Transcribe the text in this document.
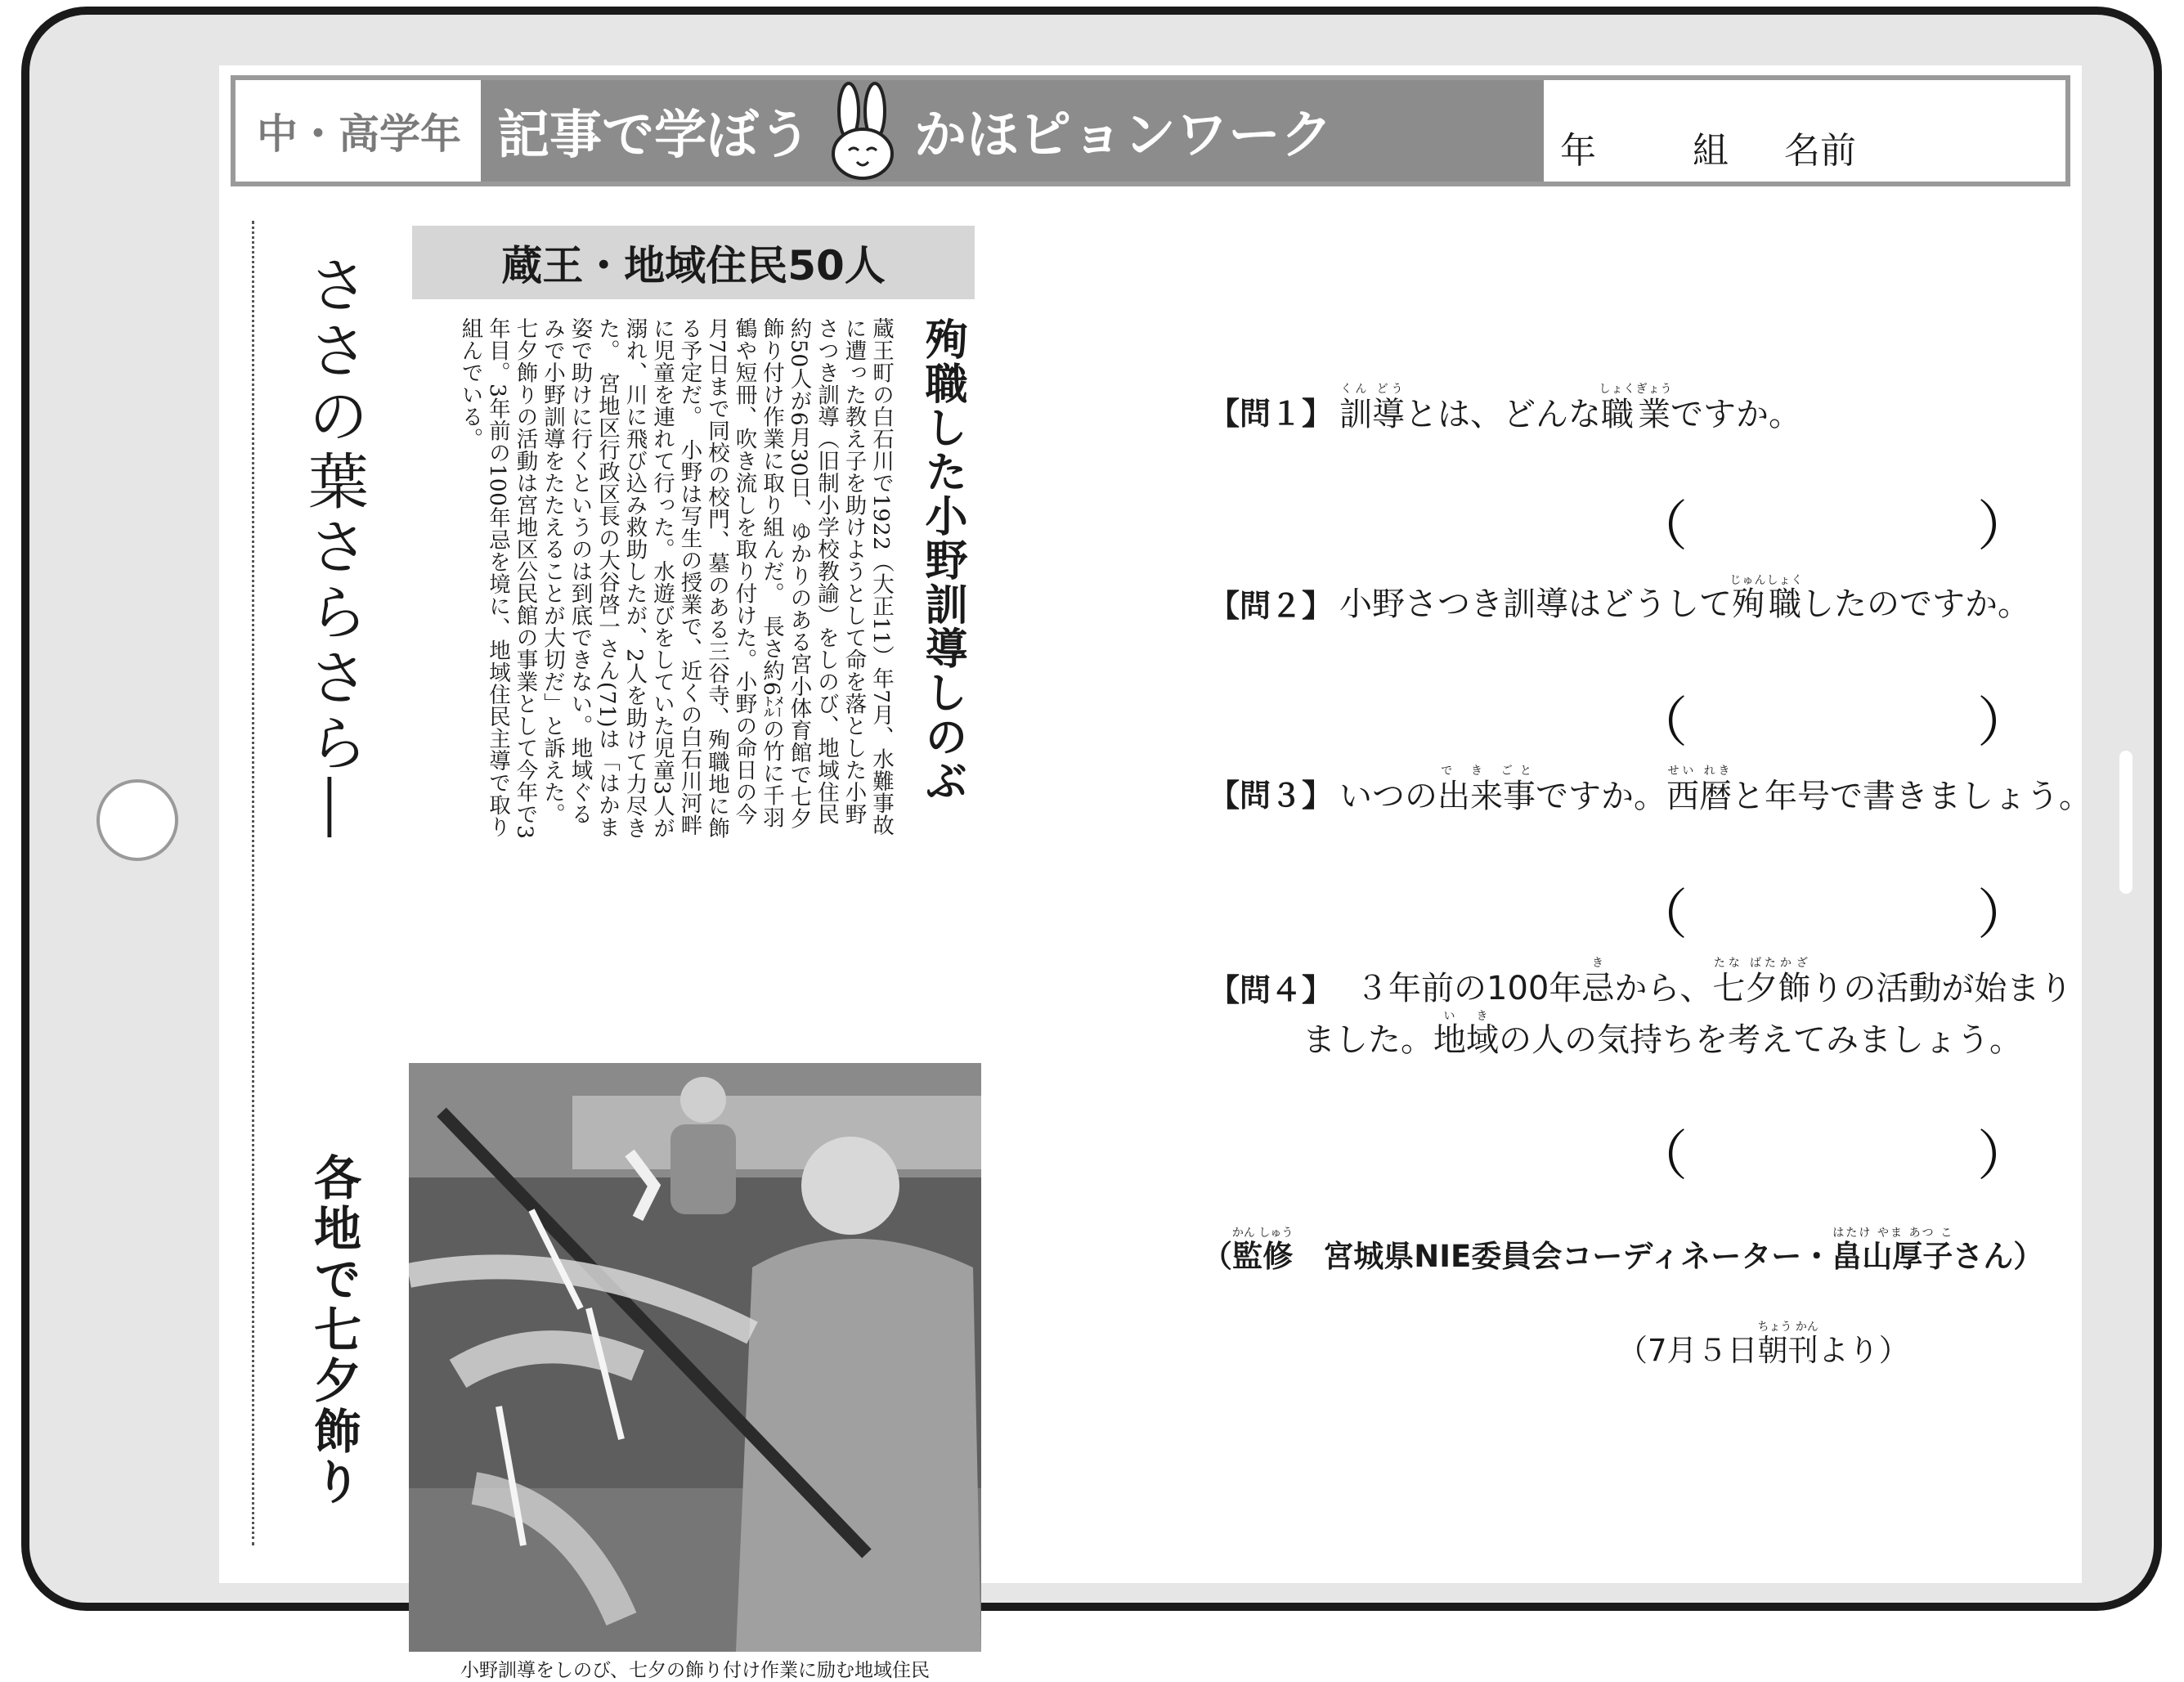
中・高学年 記事で学ぼう かほピョンワーク	年	組 名前
ささの葉さらさら―
各地で七夕飾り
蔵王・地域住民50人
殉職した小野訓導しのぶ
蔵王町の白石川で1922（大正11）年7月、水難事故に遭った教え子を助けようとして命を落とした小野さつき訓導（旧制小学校教諭）をしのび、地域住民約50人が6月30日、ゆかりのある宮小体育館で七夕飾り付け作業に取り組んだ。　長さ約6㍍の竹に千羽鶴や短冊、吹き流しを取り付けた。小野の命日の今月7日まで同校の校門、墓のある三谷寺、殉職地に飾る予定だ。　小野は写生の授業で、近くの白石川河畔に児童を連れて行った。水遊びをしていた児童3人が溺れ、川に飛び込み救助したが、2人を助けて力尽きた。　宮地区行政区長の大谷啓一さん(71)は「はかま姿で助けに行くというのは到底できない。地域ぐるみで小野訓導をたたえることが大切だ」と訴えた。　七夕飾りの活動は宮地区公民館の事業として今年で3年目。3年前の100年忌を境に、地域住民主導で取り組んでいる。
小野訓導をしのび、七夕の飾り付け作業に励む地域住民
【問１】 訓導くん どうとは、どんな職業しょくぎょうですか。
（	）
【問２】 小野さつき訓導はどうして殉職じゅんしょくしたのですか。
（	）
【問３】 いつの出来事で き ごとですか。西暦せい れきと年号で書きましょう。
（	）
【問４】 ３年前の100年忌きから、七夕たな ばた飾かざりの活動が始まり
ました。地域いきの人の気持ちを考えてみましょう。
（	）
（監修かん しゅう　宮城県NIE委員会コーディネーター・畠山厚子はたけ やま あつ こさん）
（7月５日朝刊ちょう かんより）
